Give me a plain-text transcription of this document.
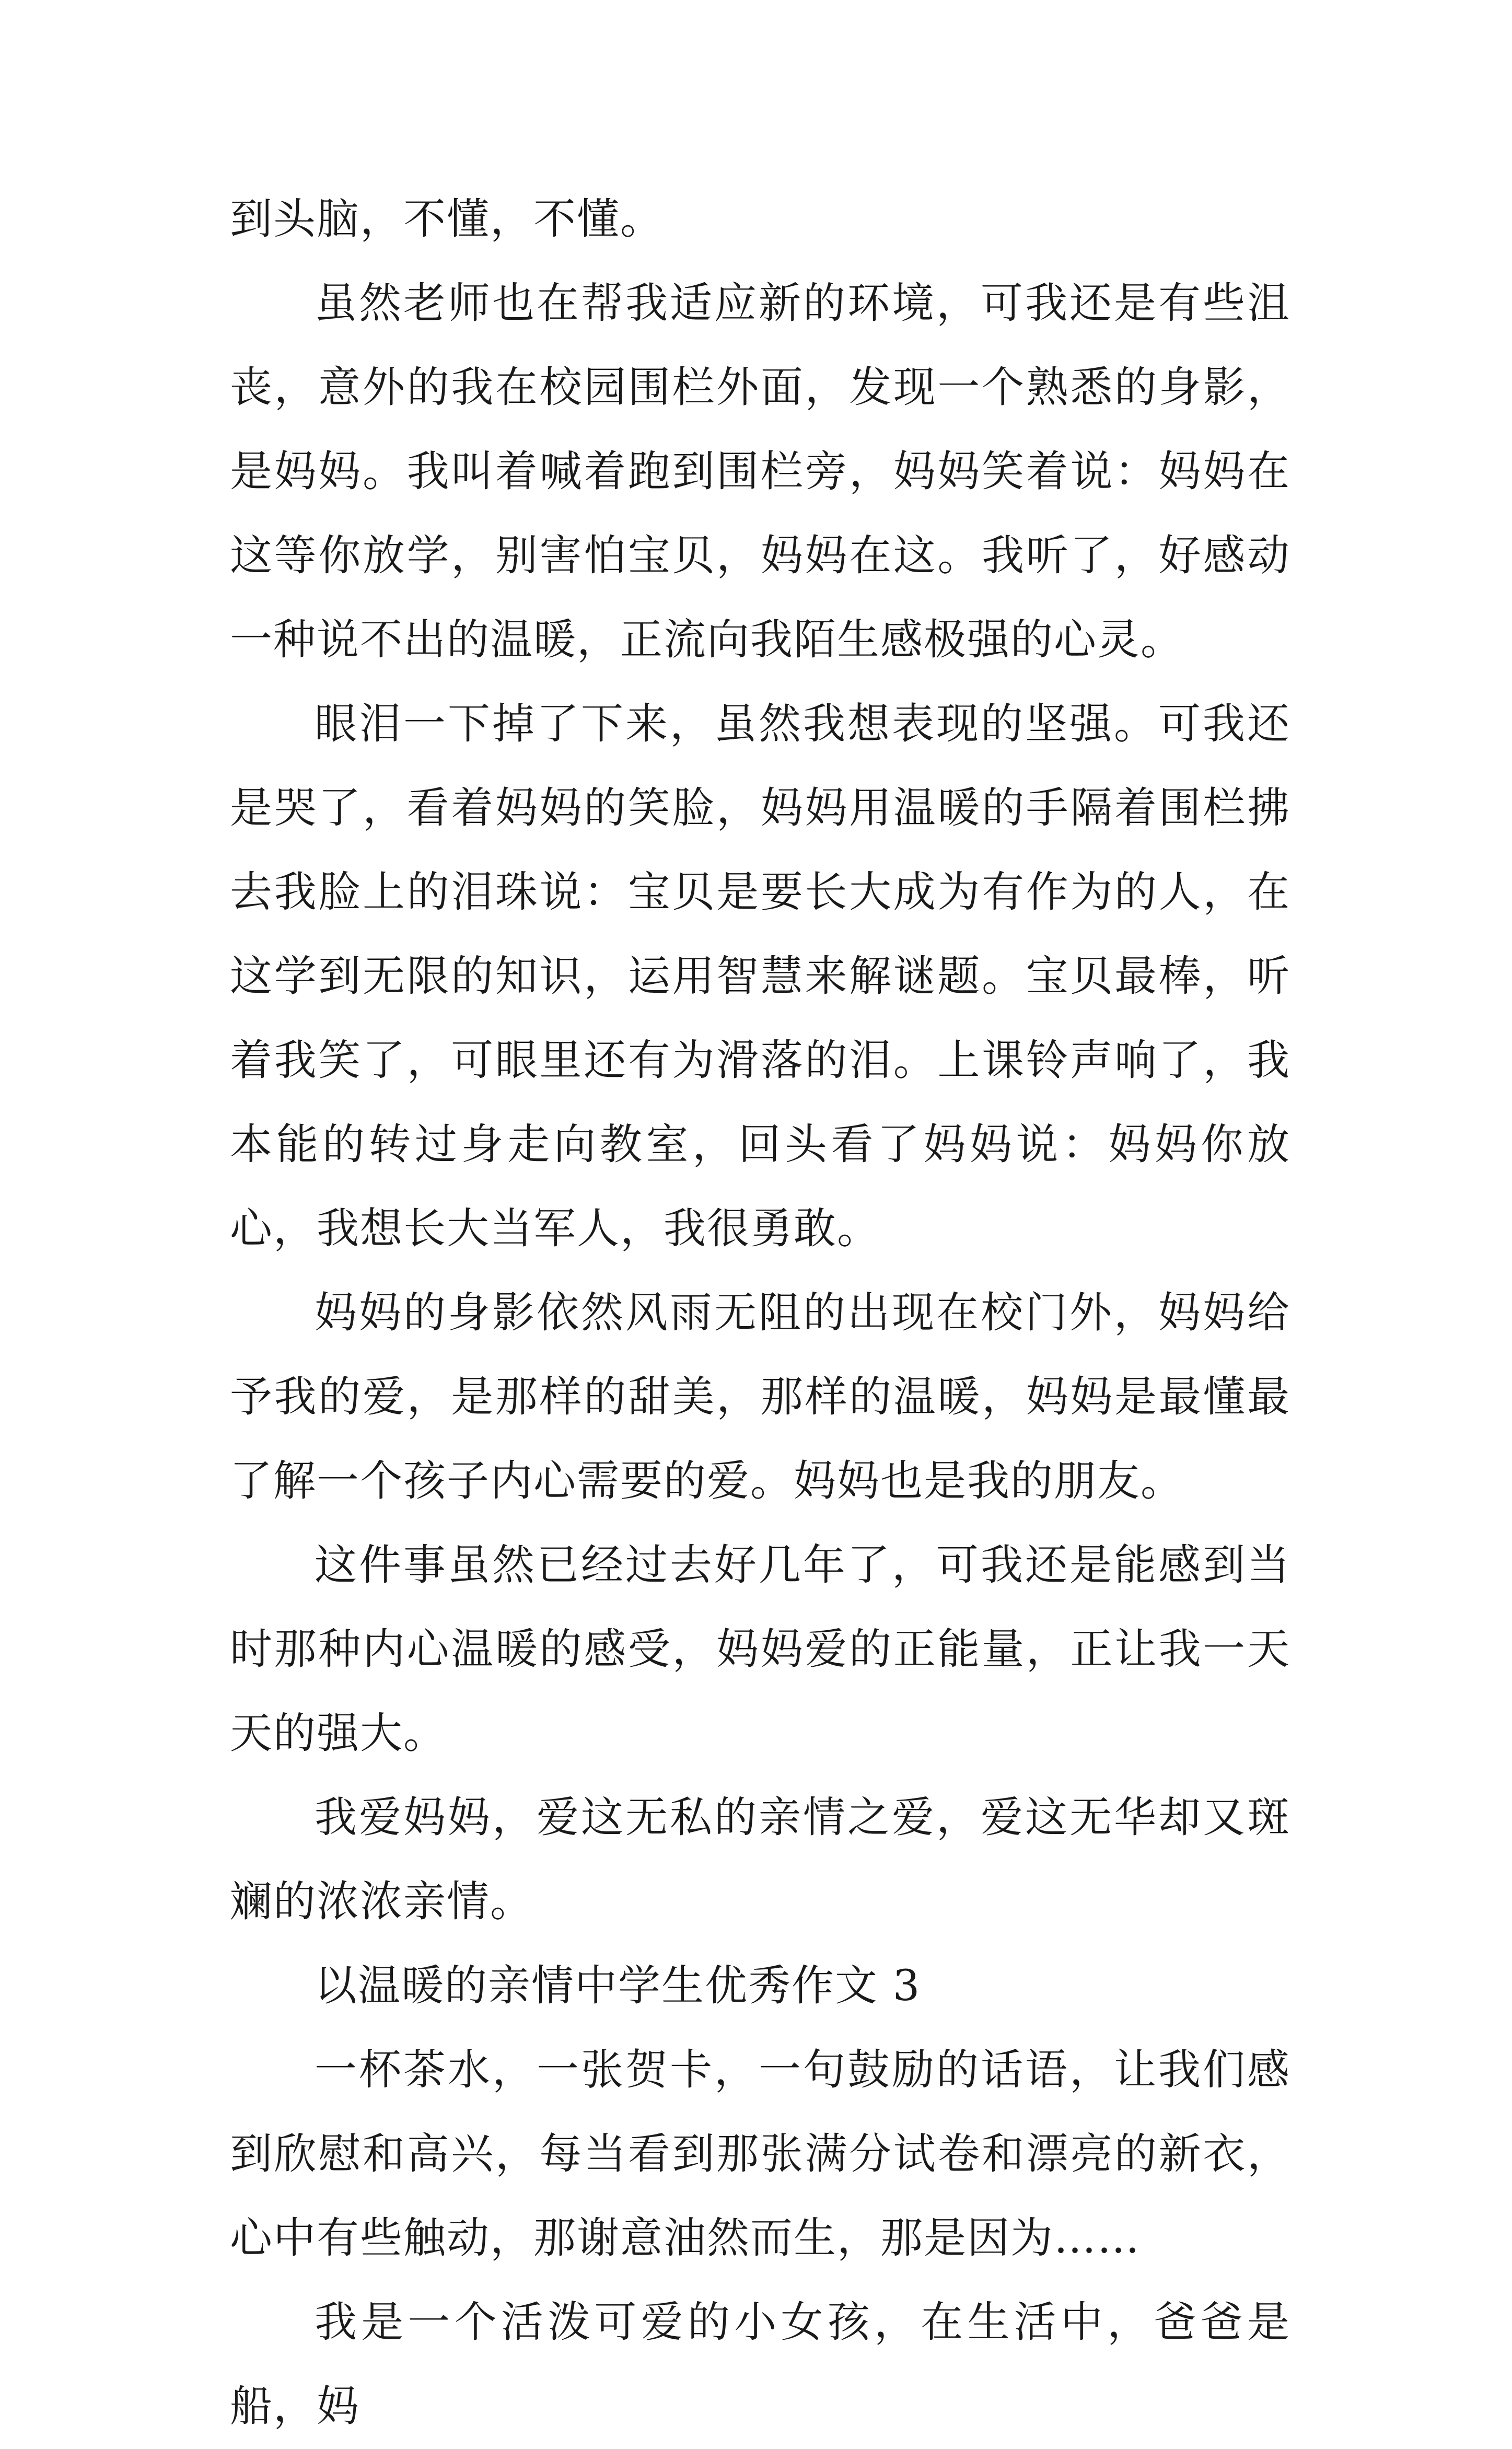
到头脑，不懂，不懂。

虽然老师也在帮我适应新的环境，可我还是有些沮丧，意外的我在校园围栏外面，发现一个熟悉的身影，是妈妈。我叫着喊着跑到围栏旁，妈妈笑着说：妈妈在这等你放学，别害怕宝贝，妈妈在这。我听了，好感动一种说不出的温暖，正流向我陌生感极强的心灵。

眼泪一下掉了下来，虽然我想表现的坚强。可我还是哭了，看着妈妈的笑脸，妈妈用温暖的手隔着围栏拂去我脸上的泪珠说：宝贝是要长大成为有作为的人，在这学到无限的知识，运用智慧来解谜题。宝贝最棒，听着我笑了，可眼里还有为滑落的泪。上课铃声响了，我本能的转过身走向教室，回头看了妈妈说：妈妈你放心，我想长大当军人，我很勇敢。

妈妈的身影依然风雨无阻的出现在校门外，妈妈给予我的爱，是那样的甜美，那样的温暖，妈妈是最懂最了解一个孩子内心需要的爱。妈妈也是我的朋友。

这件事虽然已经过去好几年了，可我还是能感到当时那种内心温暖的感受，妈妈爱的正能量，正让我一天天的强大。

我爱妈妈，爱这无私的亲情之爱，爱这无华却又斑斓的浓浓亲情。

以温暖的亲情中学生优秀作文 3

一杯茶水，一张贺卡，一句鼓励的话语，让我们感到欣慰和高兴，每当看到那张满分试卷和漂亮的新衣，心中有些触动，那谢意油然而生，那是因为……

我是一个活泼可爱的小女孩，在生活中，爸爸是船，妈
